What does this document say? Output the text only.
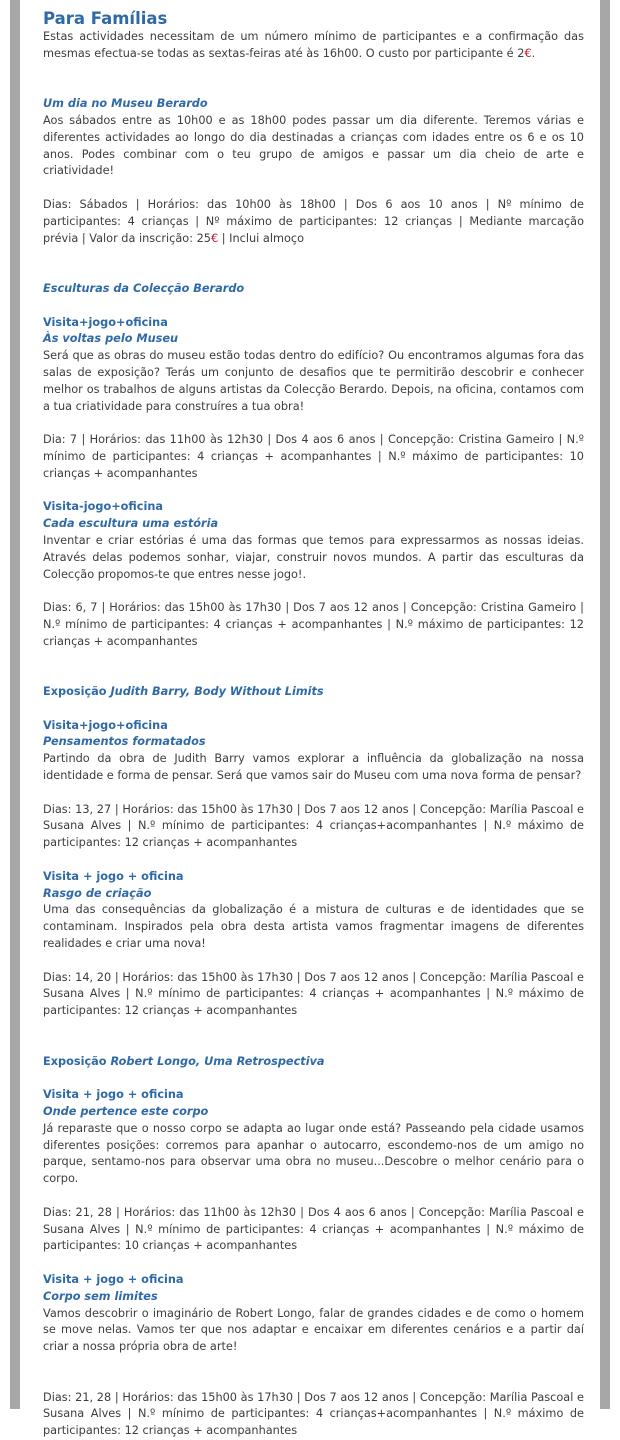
Para Famílias

Estas actividades necessitam de um número mínimo de participantes e a confirmação das mesmas efectua-se todas as sextas-feiras até às 16h00. O custo por participante é 2€.

Um dia no Museu Berardo

Aos sábados entre as 10h00 e as 18h00 podes passar um dia diferente. Teremos várias e diferentes actividades ao longo do dia destinadas a crianças com idades entre os 6 e os 10 anos. Podes combinar com o teu grupo de amigos e passar um dia cheio de arte e criatividade!

Dias: Sábados | Horários: das 10h00 às 18h00 | Dos 6 aos 10 anos | Nº mínimo de participantes: 4 crianças | Nº máximo de participantes: 12 crianças | Mediante marcação prévia | Valor da inscrição: 25€ | Inclui almoço

Esculturas da Colecção Berardo

Visita+jogo+oficina

Às voltas pelo Museu

Será que as obras do museu estão todas dentro do edifício? Ou encontramos algumas fora das salas de exposição? Terás um conjunto de desafios que te permitirão descobrir e conhecer melhor os trabalhos de alguns artistas da Colecção Berardo. Depois, na oficina, contamos com a tua criatividade para construíres a tua obra!

Dia: 7 | Horários: das 11h00 às 12h30 | Dos 4 aos 6 anos | Concepção: Cristina Gameiro | N.º mínimo de participantes: 4 crianças + acompanhantes | N.º máximo de participantes: 10 crianças + acompanhantes

Visita-jogo+oficina

Cada escultura uma estória

Inventar e criar estórias é uma das formas que temos para expressarmos as nossas ideias. Através delas podemos sonhar, viajar, construir novos mundos. A partir das esculturas da Colecção propomos-te que entres nesse jogo!.

Dias: 6, 7 | Horários: das 15h00 às 17h30 | Dos 7 aos 12 anos | Concepção: Cristina Gameiro | N.º mínimo de participantes: 4 crianças + acompanhantes | N.º máximo de participantes: 12 crianças + acompanhantes

Exposição Judith Barry, Body Without Limits

Visita+jogo+oficina

Pensamentos formatados

Partindo da obra de Judith Barry vamos explorar a influência da globalização na nossa identidade e forma de pensar. Será que vamos sair do Museu com uma nova forma de pensar?

Dias: 13, 27 | Horários: das 15h00 às 17h30 | Dos 7 aos 12 anos | Concepção: Marília Pascoal e Susana Alves | N.º mínimo de participantes: 4 crianças+acompanhantes | N.º máximo de participantes: 12 crianças + acompanhantes

Visita + jogo + oficina

Rasgo de criação

Uma das consequências da globalização é a mistura de culturas e de identidades que se contaminam. Inspirados pela obra desta artista vamos fragmentar imagens de diferentes realidades e criar uma nova!

Dias: 14, 20 | Horários: das 15h00 às 17h30 | Dos 7 aos 12 anos | Concepção: Marília Pascoal e Susana Alves | N.º mínimo de participantes: 4 crianças + acompanhantes | N.º máximo de participantes: 12 crianças + acompanhantes

Exposição Robert Longo, Uma Retrospectiva

Visita + jogo + oficina

Onde pertence este corpo

Já reparaste que o nosso corpo se adapta ao lugar onde está? Passeando pela cidade usamos diferentes posições: corremos para apanhar o autocarro, escondemo-nos de um amigo no parque, sentamo-nos para observar uma obra no museu...Descobre o melhor cenário para o corpo.

Dias: 21, 28 | Horários: das 11h00 às 12h30 | Dos 4 aos 6 anos | Concepção: Marília Pascoal e Susana Alves | N.º mínimo de participantes: 4 crianças + acompanhantes | N.º máximo de participantes: 10 crianças + acompanhantes

Visita + jogo + oficina

Corpo sem limites

Vamos descobrir o imaginário de Robert Longo, falar de grandes cidades e de como o homem se move nelas. Vamos ter que nos adaptar e encaixar em diferentes cenários e a partir daí criar a nossa própria obra de arte!

Dias: 21, 28 | Horários: das 15h00 às 17h30 | Dos 7 aos 12 anos | Concepção: Marília Pascoal e Susana Alves | N.º mínimo de participantes: 4 crianças+acompanhantes | N.º máximo de participantes: 12 crianças + acompanhantes
